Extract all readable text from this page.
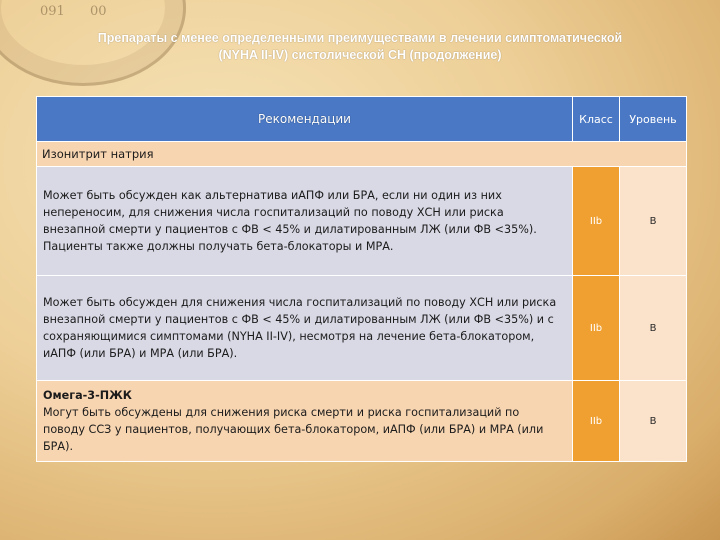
091 00
Препараты с менее определенными преимуществами в лечении симптоматической
(NYHA II-IV) систолической СН (продолжение)
Рекомендации	Класс	Уровень
Изонитрит натрия		
Может быть обсужден как альтернатива иАПФ или БРА, если ни один из них непереносим, для снижения числа госпитализаций по поводу ХСН или риска внезапной смерти у пациентов с ФВ < 45% и дилатированным ЛЖ (или ФВ <35%). Пациенты также должны получать бета-блокаторы и МРА.	IIb	B
Может быть обсужден для снижения числа госпитализаций по поводу ХСН или риска внезапной смерти у пациентов с ФВ < 45% и дилатированным ЛЖ (или ФВ <35%) и с сохраняющимися симптомами (NYHA II-IV), несмотря на лечение бета-блокатором, иАПФ (или БРА) и МРА (или БРА).	IIb	B

Омега-3-ПЖК
Могут быть обсуждены для снижения риска смерти и риска госпитализаций по поводу ССЗ у пациентов, получающих бета-блокатором, иАПФ (или БРА) и МРА (или БРА).	IIb	B
